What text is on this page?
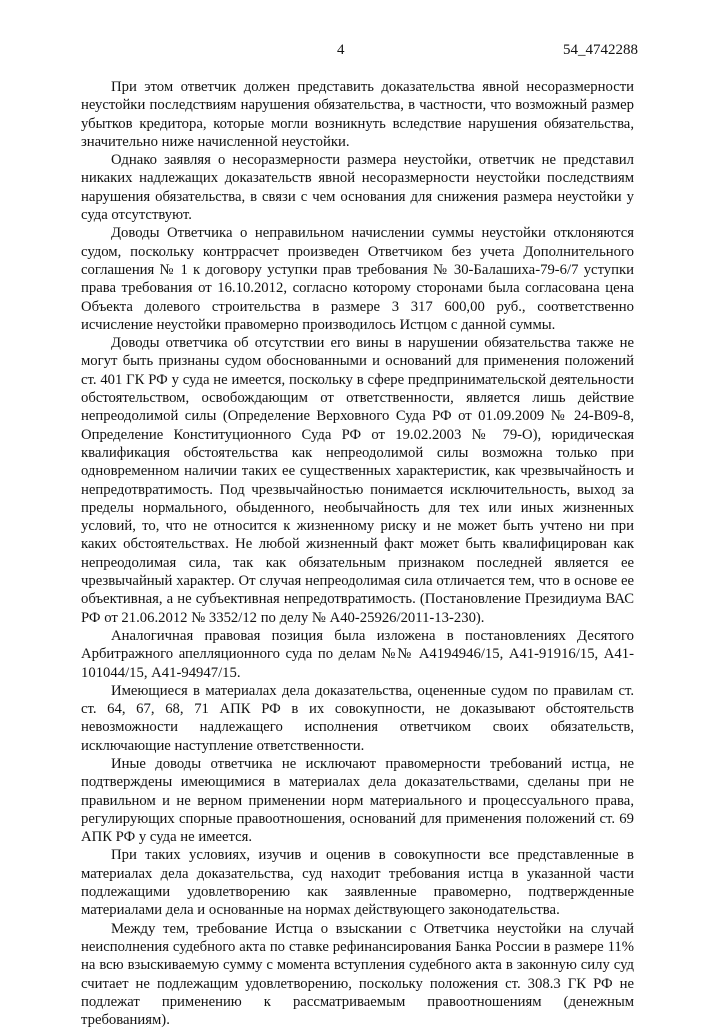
4	54_4742288

При этом ответчик должен представить доказательства явной несоразмерности неустойки последствиям нарушения обязательства, в частности, что возможный размер убытков кредитора, которые могли возникнуть вследствие нарушения обязательства, значительно ниже начисленной неустойки.

Однако заявляя о несоразмерности размера неустойки, ответчик не представил никаких надлежащих доказательств явной несоразмерности неустойки последствиям нарушения обязательства, в связи с чем основания для снижения размера неустойки у суда отсутствуют.

Доводы Ответчика о неправильном начислении суммы неустойки отклоняются судом, поскольку контррасчет произведен Ответчиком без учета Дополнительного соглашения № 1 к договору уступки прав требования № 30-Балашиха-79-6/7 уступки права требования от 16.10.2012, согласно которому сторонами была согласована цена Объекта долевого строительства в размере 3 317 600,00 руб., соответственно исчисление неустойки правомерно производилось Истцом с данной суммы.

Доводы ответчика об отсутствии его вины в нарушении обязательства также не могут быть признаны судом обоснованными и оснований для применения положений ст. 401 ГК РФ у суда не имеется, поскольку в сфере предпринимательской деятельности обстоятельством, освобождающим от ответственности, является лишь действие непреодолимой силы (Определение Верховного Суда РФ от 01.09.2009 № 24-В09-8, Определение Конституционного Суда РФ от 19.02.2003 № 79-О), юридическая квалификация обстоятельства как непреодолимой силы возможна только при одновременном наличии таких ее существенных характеристик, как чрезвычайность и непредотвратимость. Под чрезвычайностью понимается исключительность, выход за пределы нормального, обыденного, необычайность для тех или иных жизненных условий, то, что не относится к жизненному риску и не может быть учтено ни при каких обстоятельствах. Не любой жизненный факт может быть квалифицирован как непреодолимая сила, так как обязательным признаком последней является ее чрезвычайный характер. От случая непреодолимая сила отличается тем, что в основе ее объективная, а не субъективная непредотвратимость. (Постановление Президиума ВАС РФ от 21.06.2012 № 3352/12 по делу № А40-25926/2011-13-230).

Аналогичная правовая позиция была изложена в постановлениях Десятого Арбитражного апелляционного суда по делам №№ А4194946/15, А41-91916/15, А41-101044/15, А41-94947/15.

Имеющиеся в материалах дела доказательства, оцененные судом по правилам ст. ст. 64, 67, 68, 71 АПК РФ в их совокупности, не доказывают обстоятельств невозможности надлежащего исполнения ответчиком своих обязательств, исключающие наступление ответственности.

Иные доводы ответчика не исключают правомерности требований истца, не подтверждены имеющимися в материалах дела доказательствами, сделаны при не правильном и не верном применении норм материального и процессуального права, регулирующих спорные правоотношения, оснований для применения положений ст. 69 АПК РФ у суда не имеется.

При таких условиях, изучив и оценив в совокупности все представленные в материалах дела доказательства, суд находит требования истца в указанной части подлежащими удовлетворению как заявленные правомерно, подтвержденные материалами дела и основанные на нормах действующего законодательства.

Между тем, требование Истца о взыскании с Ответчика неустойки на случай неисполнения судебного акта по ставке рефинансирования Банка России в размере 11% на всю взыскиваемую сумму с момента вступления судебного акта в законную силу суд считает не подлежащим удовлетворению, поскольку положения ст. 308.3 ГК РФ не подлежат применению к рассматриваемым правоотношениям (денежным требованиям).
